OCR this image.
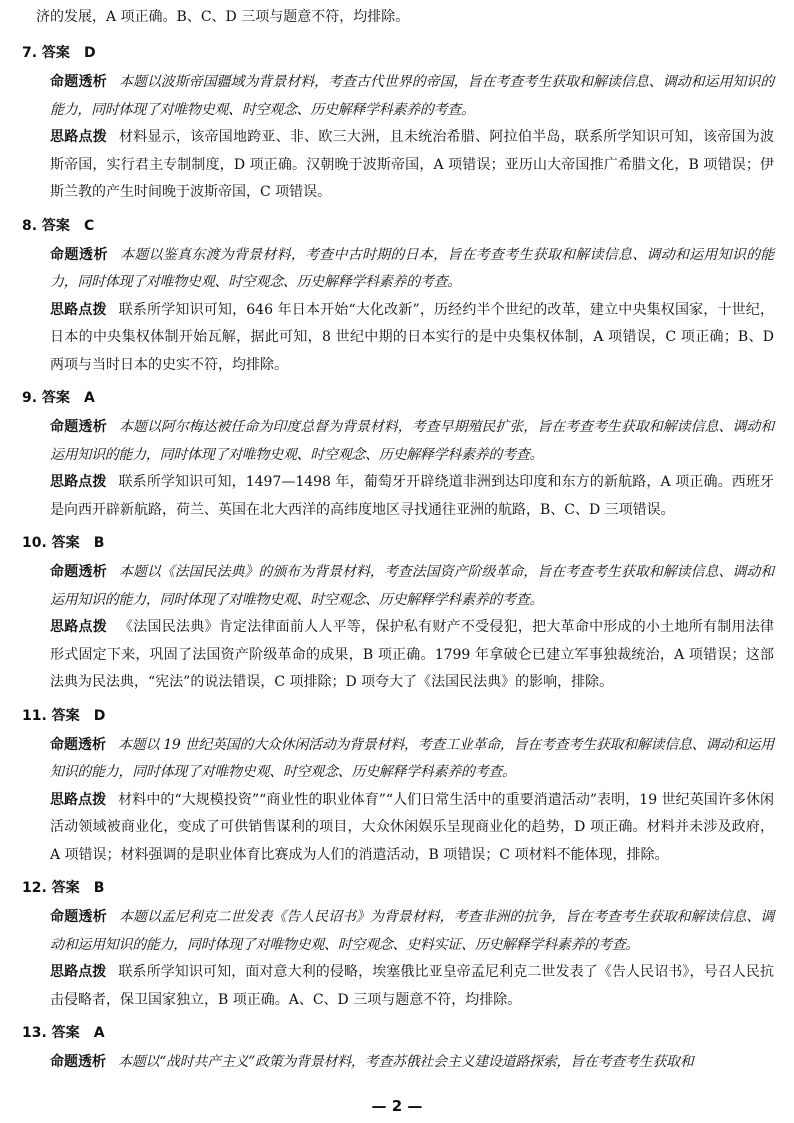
济的发展，A 项正确。B、C、D 三项与题意不符，均排除。
7. 答案 D
命题透析 本题以波斯帝国疆域为背景材料，考查古代世界的帝国，旨在考查考生获取和解读信息、调动和运用知识的能力，同时体现了对唯物史观、时空观念、历史解释学科素养的考查。
思路点拨 材料显示，该帝国地跨亚、非、欧三大洲，且未统治希腊、阿拉伯半岛，联系所学知识可知，该帝国为波斯帝国，实行君主专制制度，D 项正确。汉朝晚于波斯帝国，A 项错误；亚历山大帝国推广希腊文化，B 项错误；伊斯兰教的产生时间晚于波斯帝国，C 项错误。
8. 答案 C
命题透析 本题以鉴真东渡为背景材料，考查中古时期的日本，旨在考查考生获取和解读信息、调动和运用知识的能力，同时体现了对唯物史观、时空观念、历史解释学科素养的考查。
思路点拨 联系所学知识可知，646 年日本开始“大化改新”，历经约半个世纪的改革，建立中央集权国家，十世纪，日本的中央集权体制开始瓦解，据此可知，8 世纪中期的日本实行的是中央集权体制，A 项错误，C 项正确；B、D 两项与当时日本的史实不符，均排除。
9. 答案 A
命题透析 本题以阿尔梅达被任命为印度总督为背景材料，考查早期殖民扩张，旨在考查考生获取和解读信息、调动和运用知识的能力，同时体现了对唯物史观、时空观念、历史解释学科素养的考查。
思路点拨 联系所学知识可知，1497—1498 年，葡萄牙开辟绕道非洲到达印度和东方的新航路，A 项正确。西班牙是向西开辟新航路，荷兰、英国在北大西洋的高纬度地区寻找通往亚洲的航路，B、C、D 三项错误。
10. 答案 B
命题透析 本题以《法国民法典》的颁布为背景材料，考查法国资产阶级革命，旨在考查考生获取和解读信息、调动和运用知识的能力，同时体现了对唯物史观、时空观念、历史解释学科素养的考查。
思路点拨 《法国民法典》肯定法律面前人人平等，保护私有财产不受侵犯，把大革命中形成的小土地所有制用法律形式固定下来，巩固了法国资产阶级革命的成果，B 项正确。1799 年拿破仑已建立军事独裁统治，A 项错误；这部法典为民法典，“宪法”的说法错误，C 项排除；D 项夸大了《法国民法典》的影响，排除。
11. 答案 D
命题透析 本题以 19 世纪英国的大众休闲活动为背景材料，考查工业革命，旨在考查考生获取和解读信息、调动和运用知识的能力，同时体现了对唯物史观、时空观念、历史解释学科素养的考查。
思路点拨 材料中的“大规模投资”“商业性的职业体育”“人们日常生活中的重要消遣活动”表明，19 世纪英国许多休闲活动领域被商业化，变成了可供销售谋利的项目，大众休闲娱乐呈现商业化的趋势，D 项正确。材料并未涉及政府，A 项错误；材料强调的是职业体育比赛成为人们的消遣活动，B 项错误；C 项材料不能体现，排除。
12. 答案 B
命题透析 本题以孟尼利克二世发表《告人民诏书》为背景材料，考查非洲的抗争，旨在考查考生获取和解读信息、调动和运用知识的能力，同时体现了对唯物史观、时空观念、史料实证、历史解释学科素养的考查。
思路点拨 联系所学知识可知，面对意大利的侵略，埃塞俄比亚皇帝孟尼利克二世发表了《告人民诏书》，号召人民抗击侵略者，保卫国家独立，B 项正确。A、C、D 三项与题意不符，均排除。
13. 答案 A
命题透析 本题以“战时共产主义”政策为背景材料，考查苏俄社会主义建设道路探索，旨在考查考生获取和
— 2 —
